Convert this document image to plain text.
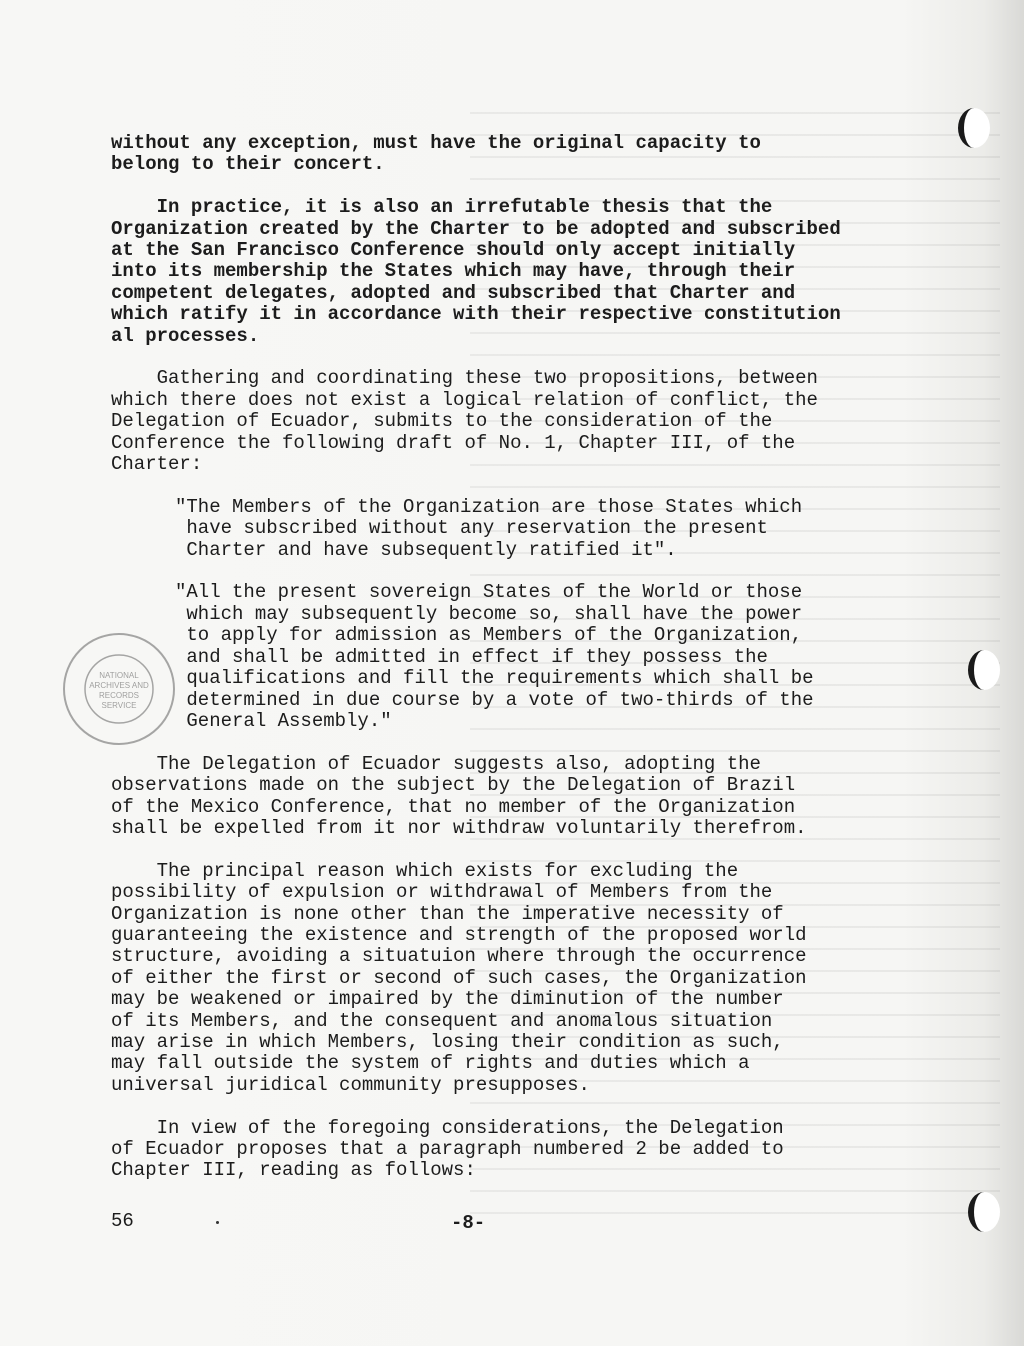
NATIONAL
ARCHIVES AND
RECORDS
SERVICE
without any exception, must have the original capacity to
belong to their concert.
In practice, it is also an irrefutable thesis that the
Organization created by the Charter to be adopted and subscribed
at the San Francisco Conference should only accept initially
into its membership the States which may have, through their
competent delegates, adopted and subscribed that Charter and
which ratify it in accordance with their respective constitution
al processes.
Gathering and coordinating these two propositions, between
which there does not exist a logical relation of conflict, the
Delegation of Ecuador, submits to the consideration of the
Conference the following draft of No. 1, Chapter III, of the
Charter:
"The Members of the Organization are those States which
have subscribed without any reservation the present
Charter and have subsequently ratified it".
"All the present sovereign States of the World or those
which may subsequently become so, shall have the power
to apply for admission as Members of the Organization,
and shall be admitted in effect if they possess the
qualifications and fill the requirements which shall be
determined in due course by a vote of two-thirds of the
General Assembly."
The Delegation of Ecuador suggests also, adopting the
observations made on the subject by the Delegation of Brazil
of the Mexico Conference, that no member of the Organization
shall be expelled from it nor withdraw voluntarily therefrom.
The principal reason which exists for excluding the
possibility of expulsion or withdrawal of Members from the
Organization is none other than the imperative necessity of
guaranteeing the existence and strength of the proposed world
structure, avoiding a situatuion where through the occurrence
of either the first or second of such cases, the Organization
may be weakened or impaired by the diminution of the number
of its Members, and the consequent and anomalous situation
may arise in which Members, losing their condition as such,
may fall outside the system of rights and duties which a
universal juridical community presupposes.
In view of the foregoing considerations, the Delegation
of Ecuador proposes that a paragraph numbered 2 be added to
Chapter III, reading as follows:
56	-8-
